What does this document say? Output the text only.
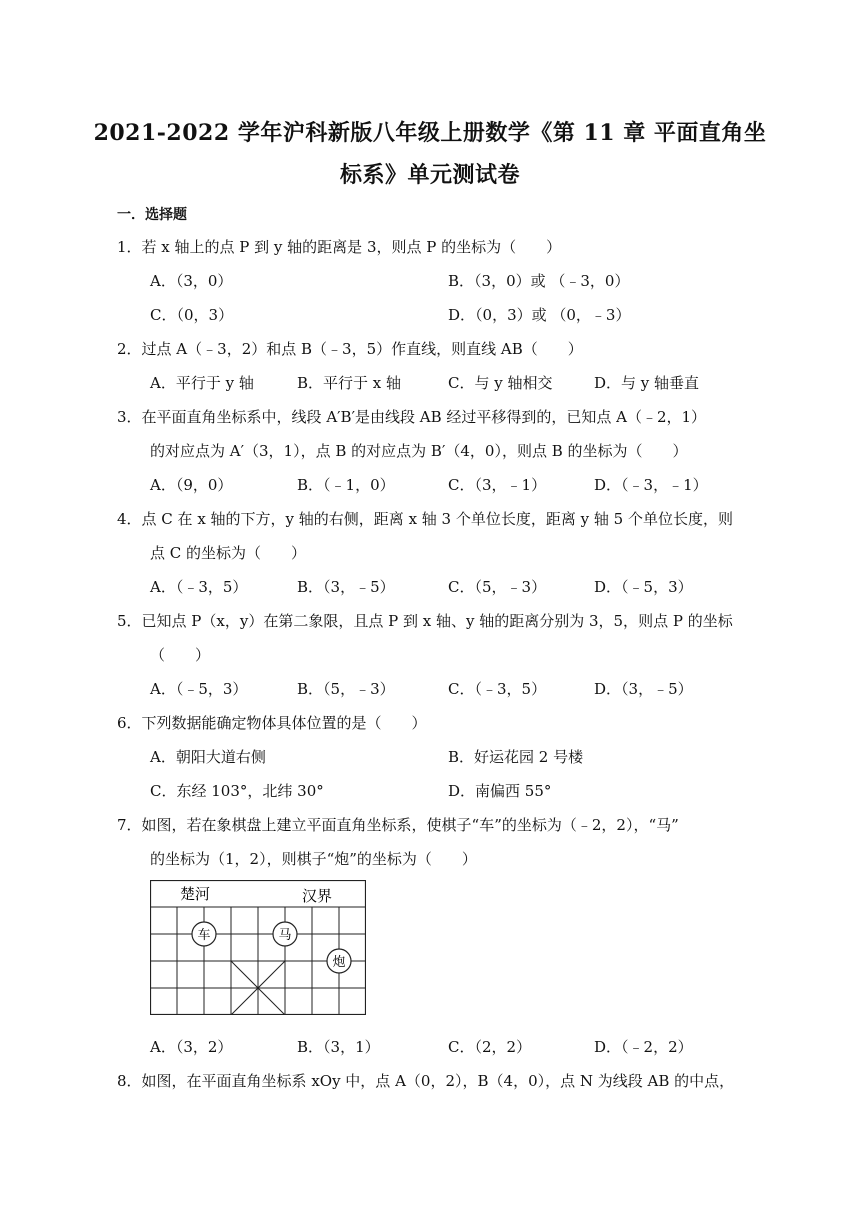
2021-2022 学年沪科新版八年级上册数学《第 11 章 平面直角坐
标系》单元测试卷
一．选择题
1．若 x 轴上的点 P 到 y 轴的距离是 3，则点 P 的坐标为（　　）
A．（3，0）	B．（3，0）或 （﹣3，0）
C．（0，3）	D．（0，3）或 （0，﹣3）
2．过点 A（﹣3，2）和点 B（﹣3，5）作直线，则直线 AB（　　）
A．平行于 y 轴	B．平行于 x 轴	C．与 y 轴相交	D．与 y 轴垂直
3．在平面直角坐标系中，线段 A′B′是由线段 AB 经过平移得到的，已知点 A（﹣2，1）
的对应点为 A′（3，1），点 B 的对应点为 B′（4，0），则点 B 的坐标为（　　）
A．（9，0）	B．（﹣1，0）	C．（3，﹣1）	D．（﹣3，﹣1）
4．点 C 在 x 轴的下方，y 轴的右侧，距离 x 轴 3 个单位长度，距离 y 轴 5 个单位长度，则
点 C 的坐标为（　　）
A．（﹣3，5）	B．（3，﹣5）	C．（5，﹣3）	D．（﹣5，3）
5．已知点 P（x，y）在第二象限，且点 P 到 x 轴、y 轴的距离分别为 3，5，则点 P 的坐标
（　　）
A．（﹣5，3）	B．（5，﹣3）	C．（﹣3，5）	D．（3，﹣5）
6．下列数据能确定物体具体位置的是（　　）
A．朝阳大道右侧	B．好运花园 2 号楼
C．东经 103°，北纬 30°	D．南偏西 55°
7．如图，若在象棋盘上建立平面直角坐标系，使棋子“车”的坐标为（﹣2，2），“马”
的坐标为（1，2），则棋子“炮”的坐标为（　　）
楚河	汉界
车	马
炮
A．（3，2）	B．（3，1）	C．（2，2）	D．（﹣2，2）
8．如图，在平面直角坐标系 xOy 中，点 A（0，2），B（4，0），点 N 为线段 AB 的中点，
